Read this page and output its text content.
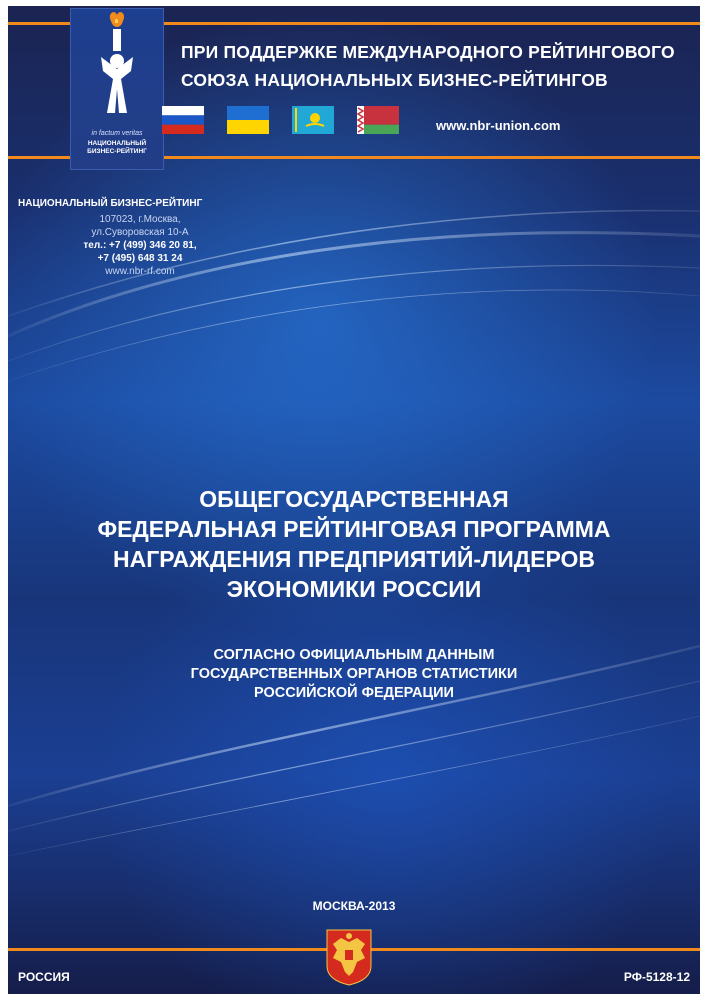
in factum veritas
НАЦИОНАЛЬНЫЙ БИЗНЕС-РЕЙТИНГ
ПРИ ПОДДЕРЖКЕ МЕЖДУНАРОДНОГО РЕЙТИНГОВОГО
СОЮЗА НАЦИОНАЛЬНЫХ БИЗНЕС-РЕЙТИНГОВ
www.nbr-union.com
НАЦИОНАЛЬНЫЙ БИЗНЕС-РЕЙТИНГ
107023, г.Москва,
ул.Суворовская 10-А
тел.: +7 (499) 346 20 81,
+7 (495) 648 31 24
www.nbr-rf.com
ОБЩЕГОСУДАРСТВЕННАЯ
ФЕДЕРАЛЬНАЯ РЕЙТИНГОВАЯ ПРОГРАММА
НАГРАЖДЕНИЯ ПРЕДПРИЯТИЙ-ЛИДЕРОВ
ЭКОНОМИКИ РОССИИ
СОГЛАСНО ОФИЦИАЛЬНЫМ ДАННЫМ
ГОСУДАРСТВЕННЫХ ОРГАНОВ СТАТИСТИКИ
РОССИЙСКОЙ ФЕДЕРАЦИИ
МОСКВА-2013
РОССИЯ	РФ-5128-12
